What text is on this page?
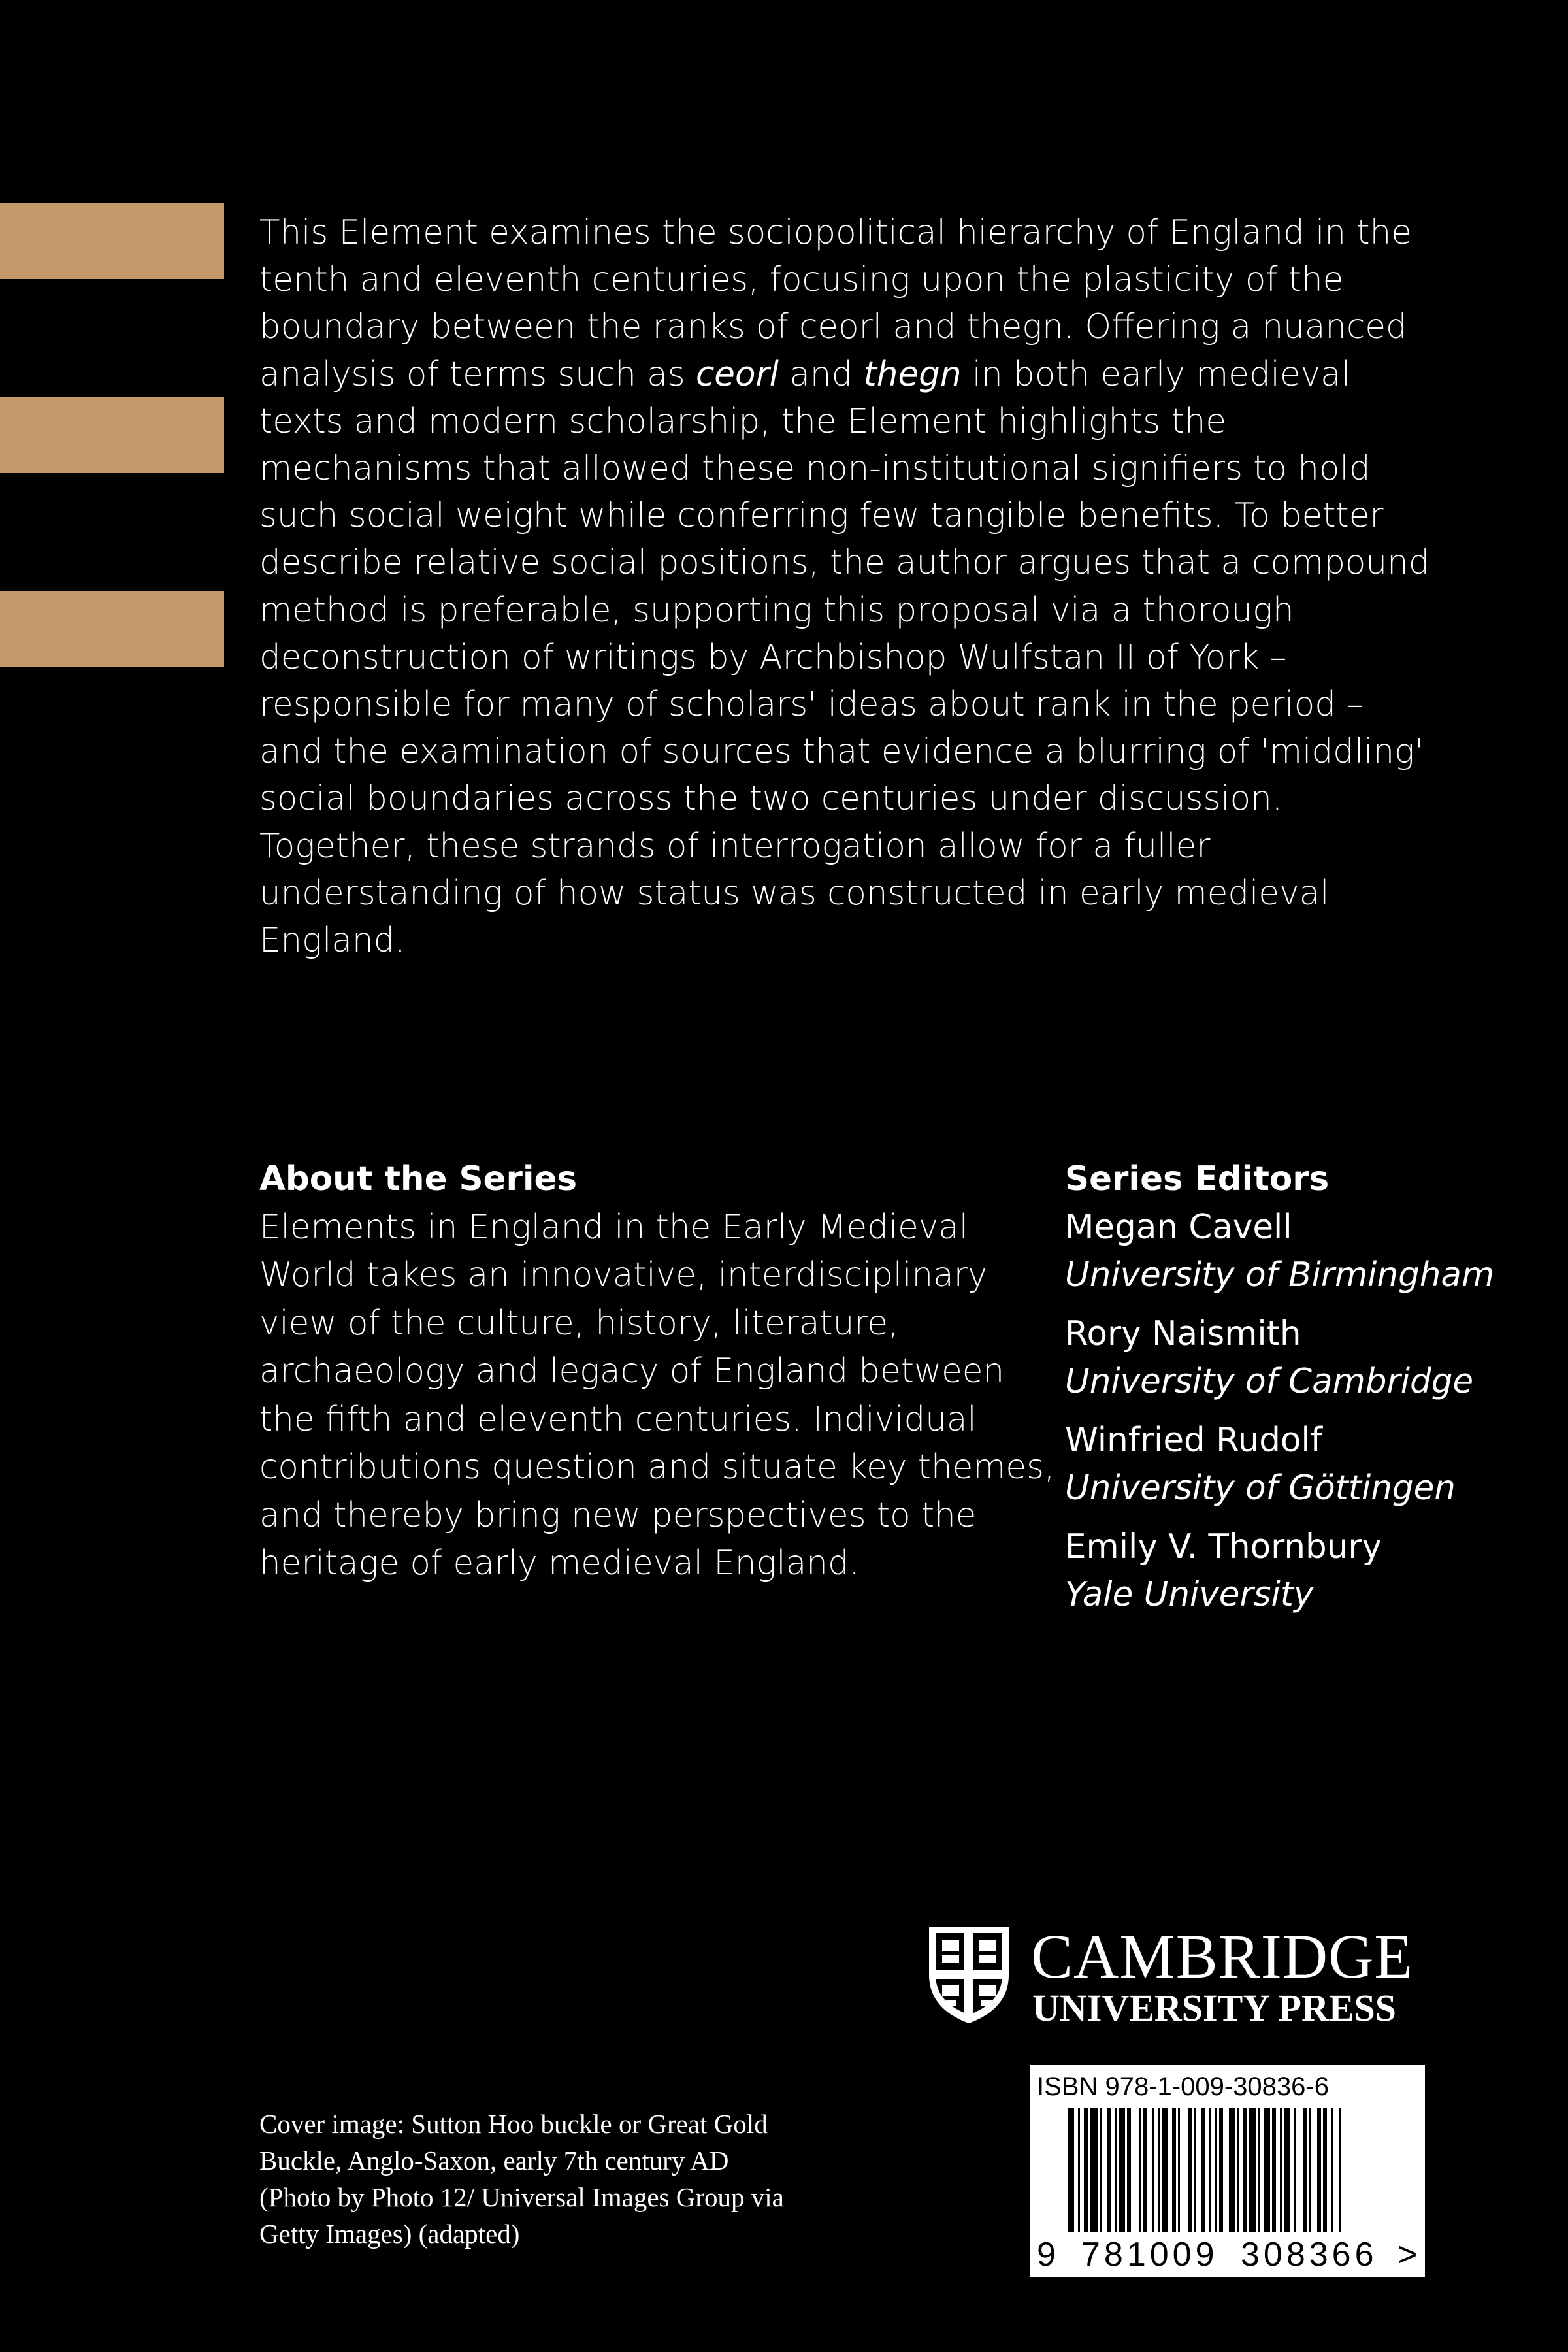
This Element examines the sociopolitical hierarchy of England in the tenth and eleventh centuries, focusing upon the plasticity of the boundary between the ranks of ceorl and thegn. Offering a nuanced analysis of terms such as ceorl and thegn in both early medieval texts and modern scholarship, the Element highlights the mechanisms that allowed these non-institutional signifiers to hold such social weight while conferring few tangible benefits. To better describe relative social positions, the author argues that a compound method is preferable, supporting this proposal via a thorough deconstruction of writings by Archbishop Wulfstan II of York – responsible for many of scholars' ideas about rank in the period – and the examination of sources that evidence a blurring of 'middling' social boundaries across the two centuries under discussion. Together, these strands of interrogation allow for a fuller understanding of how status was constructed in early medieval England.

About the Series

Elements in England in the Early Medieval World takes an innovative, interdisciplinary view of the culture, history, literature, archaeology and legacy of England between the fifth and eleventh centuries. Individual contributions question and situate key themes, and thereby bring new perspectives to the heritage of early medieval England.

Series Editors
Megan Cavell
University of Birmingham
Rory Naismith
University of Cambridge
Winfried Rudolf
University of Göttingen
Emily V. Thornbury
Yale University
CAMBRIDGE
UNIVERSITY PRESS

Cover image: Sutton Hoo buckle or Great Gold Buckle, Anglo-Saxon, early 7th century AD (Photo by Photo 12/ Universal Images Group via Getty Images) (adapted)

ISBN 978-1-009-30836-6
9 781009 308366 >
